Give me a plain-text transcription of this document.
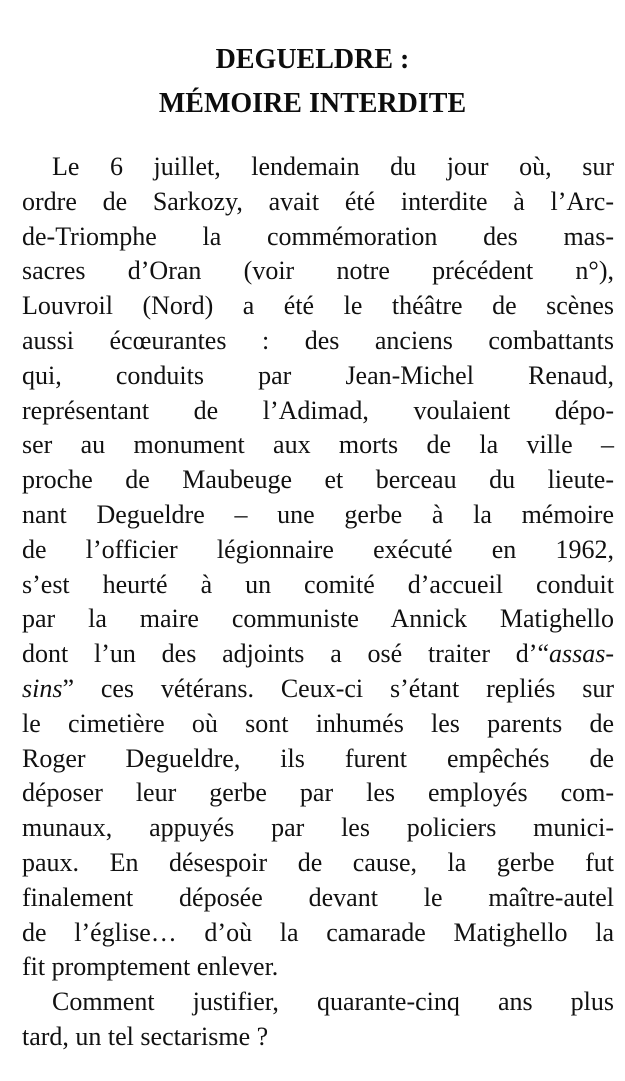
DEGUELDRE :
MÉMOIRE INTERDITE
Le 6 juillet, lendemain du jour où, sur
ordre de Sarkozy, avait été interdite à l’Arc-
de-Triomphe la commémoration des mas-
sacres d’Oran (voir notre précédent n°),
Louvroil (Nord) a été le théâtre de scènes
aussi écœurantes : des anciens combattants
qui, conduits par Jean-Michel Renaud,
représentant de l’Adimad, voulaient dépo-
ser au monument aux morts de la ville –
proche de Maubeuge et berceau du lieute-
nant Degueldre – une gerbe à la mémoire
de l’officier légionnaire exécuté en 1962,
s’est heurté à un comité d’accueil conduit
par la maire communiste Annick Matighello
dont l’un des adjoints a osé traiter d’“assas-
sins” ces vétérans. Ceux-ci s’étant repliés sur
le cimetière où sont inhumés les parents de
Roger Degueldre, ils furent empêchés de
déposer leur gerbe par les employés com-
munaux, appuyés par les policiers munici-
paux. En désespoir de cause, la gerbe fut
finalement déposée devant le maître-autel
de l’église… d’où la camarade Matighello la
fit promptement enlever.
Comment justifier, quarante-cinq ans plus
tard, un tel sectarisme ?
